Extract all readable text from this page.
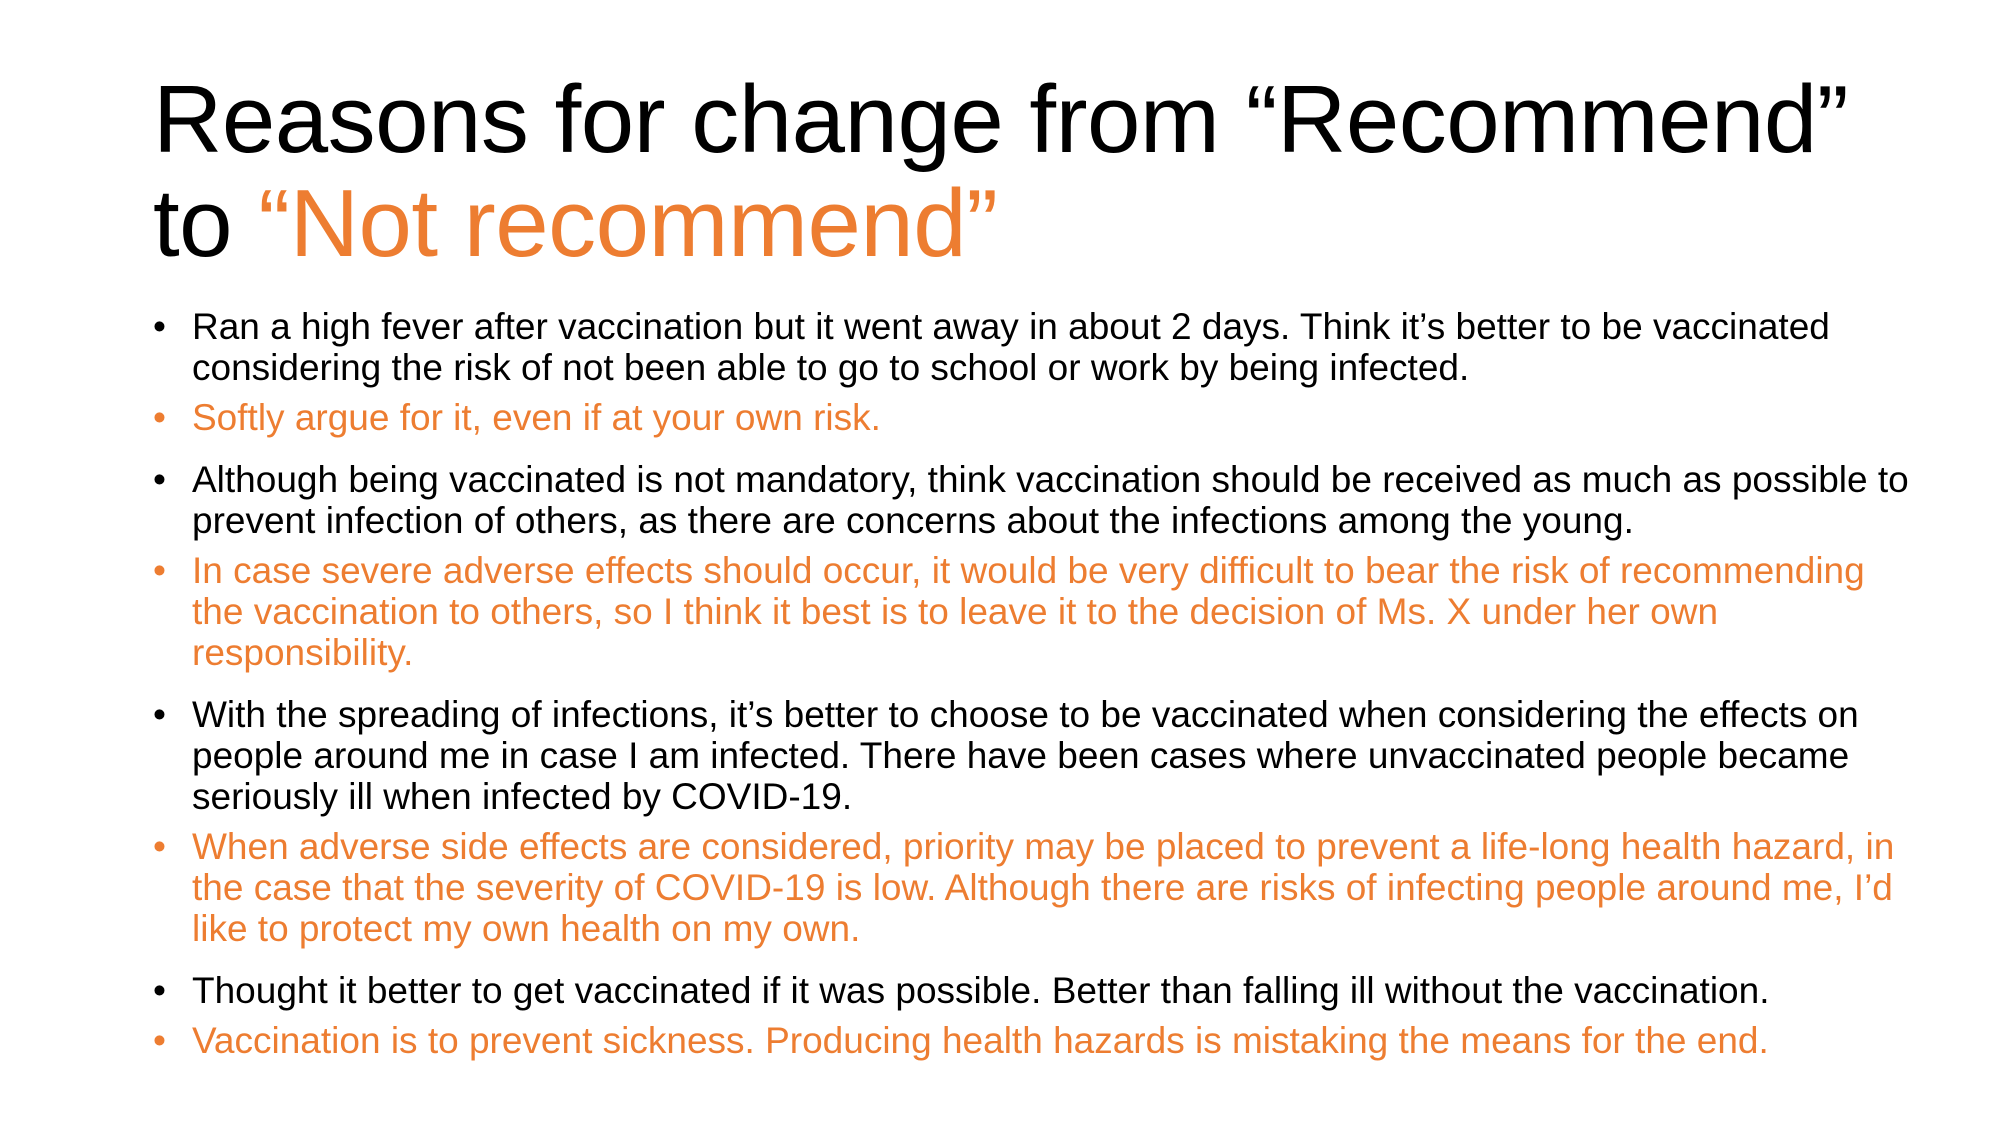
Reasons for change from “Recommend”
to “Not recommend”
• Ran a high fever after vaccination but it went away in about 2 days. Think it’s better to be vaccinated considering the risk of not been able to go to school or work by being infected.
• Softly argue for it, even if at your own risk.
• Although being vaccinated is not mandatory, think vaccination should be received as much as possible to prevent infection of others, as there are concerns about the infections among the young.
• In case severe adverse effects should occur, it would be very difficult to bear the risk of recommending the vaccination to others, so I think it best is to leave it to the decision of Ms. X under her own responsibility.
• With the spreading of infections, it’s better to choose to be vaccinated when considering the effects on people around me in case I am infected. There have been cases where unvaccinated people became seriously ill when infected by COVID-19.
• When adverse side effects are considered, priority may be placed to prevent a life-long health hazard, in the case that the severity of COVID-19 is low. Although there are risks of infecting people around me, I’d like to protect my own health on my own.
• Thought it better to get vaccinated if it was possible. Better than falling ill without the vaccination.
• Vaccination is to prevent sickness. Producing health hazards is mistaking the means for the end.
